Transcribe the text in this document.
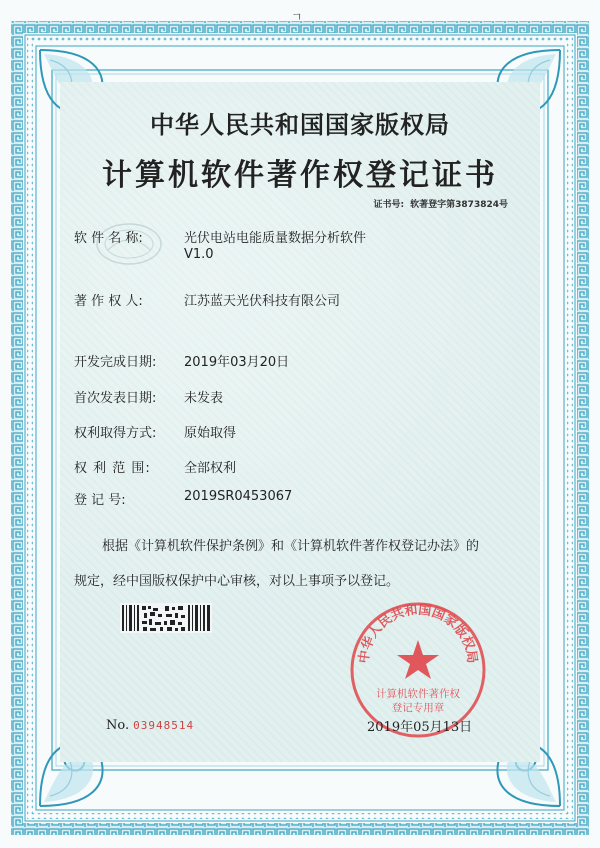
ㄱ
中华人民共和国国家版权局
计算机软件著作权登记证书
证书号: 软著登字第3873824号
软 件 名 称:	光伏电站电能质量数据分析软件
V1.0
著 作 权 人:	江苏蓝天光伏科技有限公司
开发完成日期: 2019年03月20日
首次发表日期: 未发表
权利取得方式: 原始取得
权 利 范 围:	全部权利
登 记 号:	2019SR0453067
根据《计算机软件保护条例》和《计算机软件著作权登记办法》的
规定，经中国版权保护中心审核，对以上事项予以登记。
No. 03948514
中华人民共和国国家版权局
计算机软件著作权
登记专用章
2019年05月13日
